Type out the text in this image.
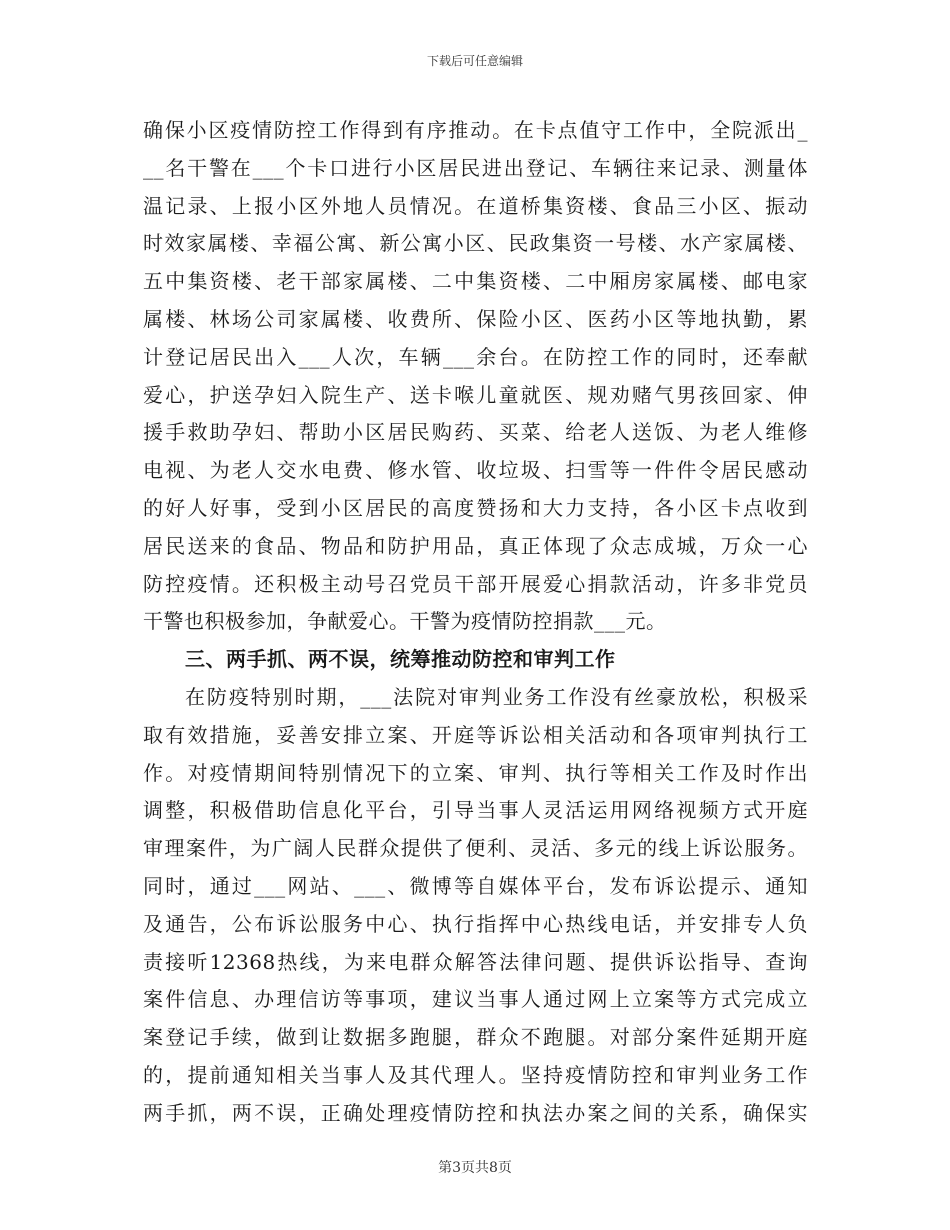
下载后可任意编辑
确保小区疫情防控工作得到有序推动。在卡点值守工作中，全院派出_
__名干警在___个卡口进行小区居民进出登记、车辆往来记录、测量体
温记录、上报小区外地人员情况。在道桥集资楼、食品三小区、振动
时效家属楼、幸福公寓、新公寓小区、民政集资一号楼、水产家属楼、
五中集资楼、老干部家属楼、二中集资楼、二中厢房家属楼、邮电家
属楼、林场公司家属楼、收费所、保险小区、医药小区等地执勤，累
计登记居民出入___人次，车辆___余台。在防控工作的同时，还奉献
爱心，护送孕妇入院生产、送卡喉儿童就医、规劝赌气男孩回家、伸
援手救助孕妇、帮助小区居民购药、买菜、给老人送饭、为老人维修
电视、为老人交水电费、修水管、收垃圾、扫雪等一件件令居民感动
的好人好事，受到小区居民的高度赞扬和大力支持，各小区卡点收到
居民送来的食品、物品和防护用品，真正体现了众志成城，万众一心
防控疫情。还积极主动号召党员干部开展爱心捐款活动，许多非党员
干警也积极参加，争献爱心。干警为疫情防控捐款___元。
三、两手抓、两不误，统筹推动防控和审判工作
在防疫特别时期，___法院对审判业务工作没有丝豪放松，积极采
取有效措施，妥善安排立案、开庭等诉讼相关活动和各项审判执行工
作。对疫情期间特别情况下的立案、审判、执行等相关工作及时作出
调整，积极借助信息化平台，引导当事人灵活运用网络视频方式开庭
审理案件，为广阔人民群众提供了便利、灵活、多元的线上诉讼服务。
同时，通过___网站、___、微博等自媒体平台，发布诉讼提示、通知
及通告，公布诉讼服务中心、执行指挥中心热线电话，并安排专人负
责接听12368热线，为来电群众解答法律问题、提供诉讼指导、查询
案件信息、办理信访等事项，建议当事人通过网上立案等方式完成立
案登记手续，做到让数据多跑腿，群众不跑腿。对部分案件延期开庭
的，提前通知相关当事人及其代理人。坚持疫情防控和审判业务工作
两手抓，两不误，正确处理疫情防控和执法办案之间的关系，确保实
第3页共8页
